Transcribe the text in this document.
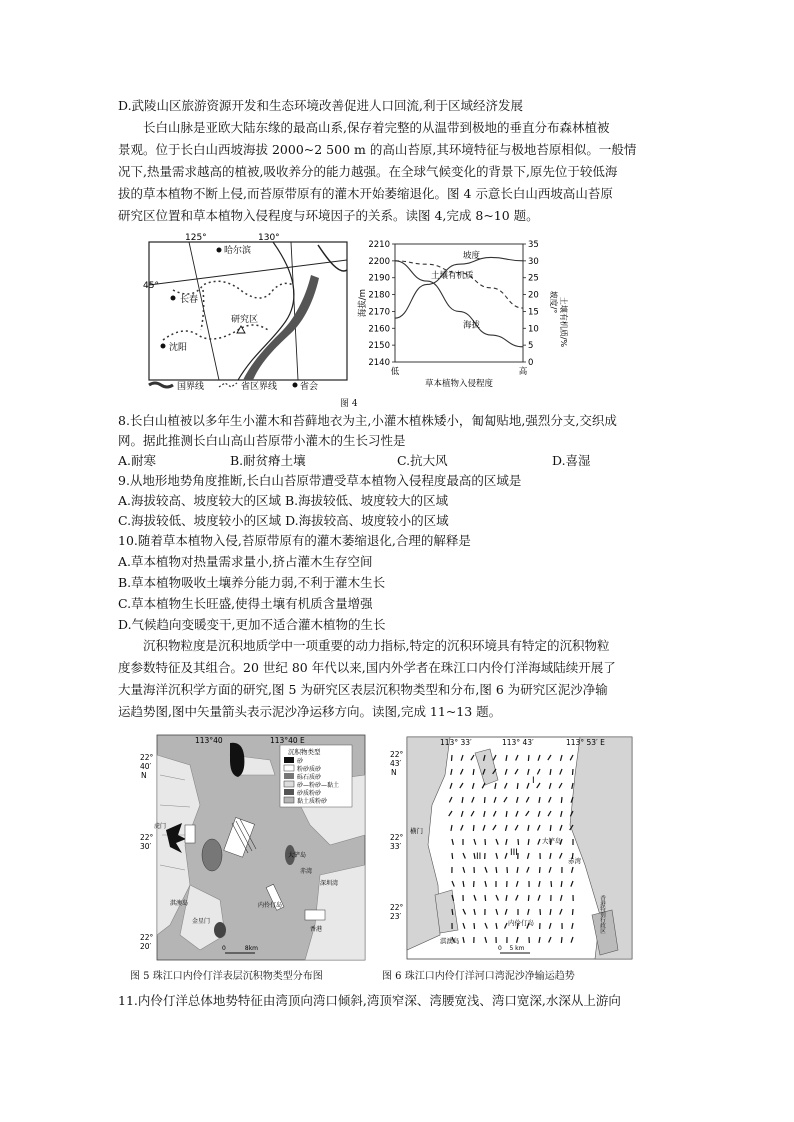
D.武陵山区旅游资源开发和生态环境改善促进人口回流,利于区域经济发展
长白山脉是亚欧大陆东缘的最高山系,保存着完整的从温带到极地的垂直分布森林植被
景观。位于长白山西坡海拔 2000~2 500 m 的高山苔原,其环境特征与极地苔原相似。一般情
况下,热量需求越高的植被,吸收养分的能力越强。在全球气候变化的背景下,原先位于较低海
拔的草本植物不断上侵,而苔原带原有的灌木开始萎缩退化。图 4 示意长白山西坡高山苔原
研究区位置和草本植物入侵程度与环境因子的关系。读图 4,完成 8~10 题。
哈尔滨
长春
沈阳
研究区
125°	130°
45°
国界线	省区界线	省会
2210
2200
2190
2180
2170
2160
2150
2140
35
30
25
20
15
10
5
0
海拔/m	坡度/° 土壤有机质/%
低	高
草本植物入侵程度
坡度
土壤有机质
海拔
图 4
8.长白山植被以多年生小灌木和苔藓地衣为主,小灌木植株矮小，匍匐贴地,强烈分支,交织成
网。据此推测长白山高山苔原带小灌木的生长习性是
A.耐寒	B.耐贫瘠土壤	C.抗大风	D.喜湿
9.从地形地势角度推断,长白山苔原带遭受草本植物入侵程度最高的区域是
A.海拔较高、坡度较大的区域 B.海拔较低、坡度较大的区域
C.海拔较低、坡度较小的区域 D.海拔较高、坡度较小的区域
10.随着草本植物入侵,苔原带原有的灌木萎缩退化,合理的解释是
A.草本植物对热量需求量小,挤占灌木生存空间
B.草本植物吸收土壤养分能力弱,不利于灌木生长
C.草本植物生长旺盛,使得土壤有机质含量增强
D.气候趋向变暖变干,更加不适合灌木植物的生长
沉积物粒度是沉积地质学中一项重要的动力指标,特定的沉积环境具有特定的沉积物粒
度参数特征及其组合。20 世纪 80 年代以来,国内外学者在珠江口内伶仃洋海域陆续开展了
大量海洋沉积学方面的研究,图 5 为研究区表层沉积物类型和分布,图 6 为研究区泥沙净输
运趋势图,图中矢量箭头表示泥沙净运移方向。读图,完成 11~13 题。
113°40	113°40 E
22°
40′
N
22°
30′
22°
20′
沉积物类型
砂
粉砂质砂
砾石质砂
砂—粉砂—黏土
砂质粉砂
黏土质粉砂
虎门
大铲岛
赤湾
深圳湾
淇澳岛	内伶仃岛
香港
金星门
0          8km
图 5 珠江口内伶仃洋表层沉积物类型分布图
113° 33′	113° 43′	113° 53′ E
22°
43′
N
22°
33′
22°
23′
横门
大铲岛
赤湾
淇澳岛
内伶仃岛	香港特别行政区
I
II	III
0    5 km
图 6 珠江口内伶仃洋河口湾泥沙净输运趋势
11.内伶仃洋总体地势特征由湾顶向湾口倾斜,湾顶窄深、湾腰宽浅、湾口宽深,水深从上游向
